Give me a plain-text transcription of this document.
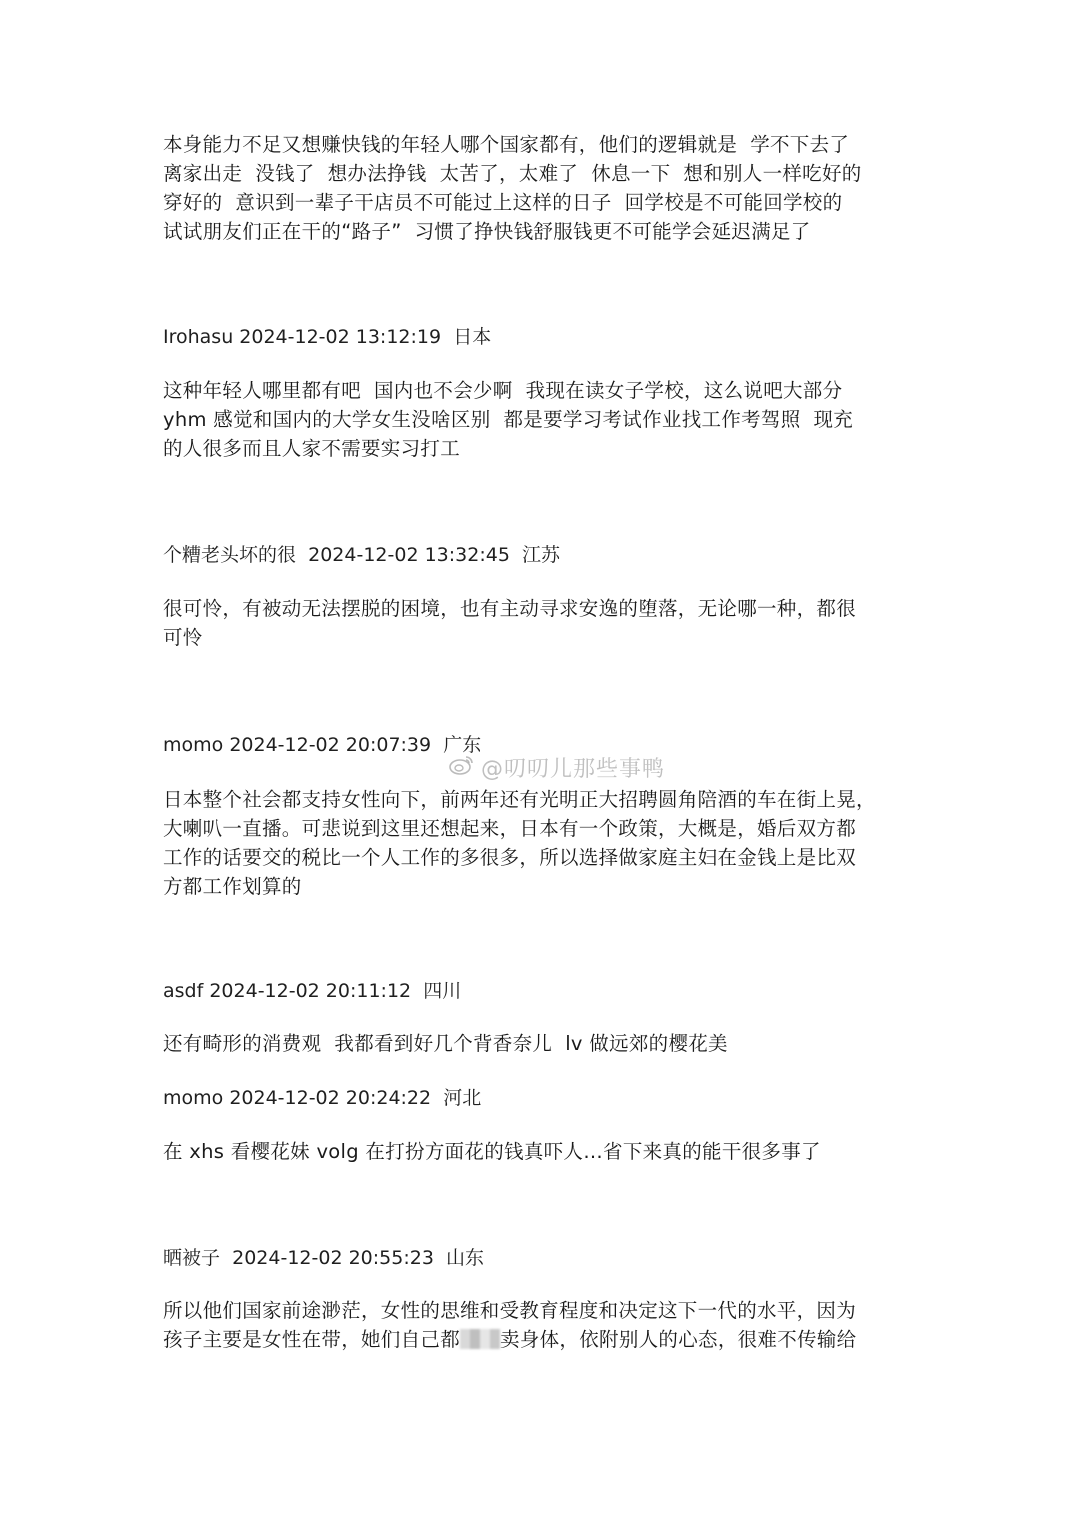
本身能力不足又想赚快钱的年轻人哪个国家都有，他们的逻辑就是  学不下去了

离家出走  没钱了  想办法挣钱  太苦了，太难了  休息一下  想和别人一样吃好的

穿好的  意识到一辈子干店员不可能过上这样的日子  回学校是不可能回学校的

试试朋友们正在干的“路子”  习惯了挣快钱舒服钱更不可能学会延迟满足了

Irohasu 2024-12-02 13:12:19 日本

这种年轻人哪里都有吧  国内也不会少啊  我现在读女子学校，这么说吧大部分

yhm 感觉和国内的大学女生没啥区别  都是要学习考试作业找工作考驾照  现充

的人很多而且人家不需要实习打工

个糟老头坏的很 2024-12-02 13:32:45 江苏

很可怜，有被动无法摆脱的困境，也有主动寻求安逸的堕落，无论哪一种，都很

可怜

momo 2024-12-02 20:07:39 广东

日本整个社会都支持女性向下，前两年还有光明正大招聘圆角陪酒的车在街上晃，

大喇叭一直播。可悲说到这里还想起来，日本有一个政策，大概是，婚后双方都

工作的话要交的税比一个人工作的多很多，所以选择做家庭主妇在金钱上是比双

方都工作划算的

asdf 2024-12-02 20:11:12 四川

还有畸形的消费观  我都看到好几个背香奈儿  lv 做远郊的樱花美

momo 2024-12-02 20:24:22 河北

在 xhs 看樱花妹 volg 在打扮方面花的钱真吓人…省下来真的能干很多事了

晒被子 2024-12-02 20:55:23 山东

所以他们国家前途渺茫，女性的思维和受教育程度和决定这下一代的水平，因为

孩子主要是女性在带，她们自己都 卖身体，依附别人的心态，很难不传输给

@叨叨儿那些事鸭
